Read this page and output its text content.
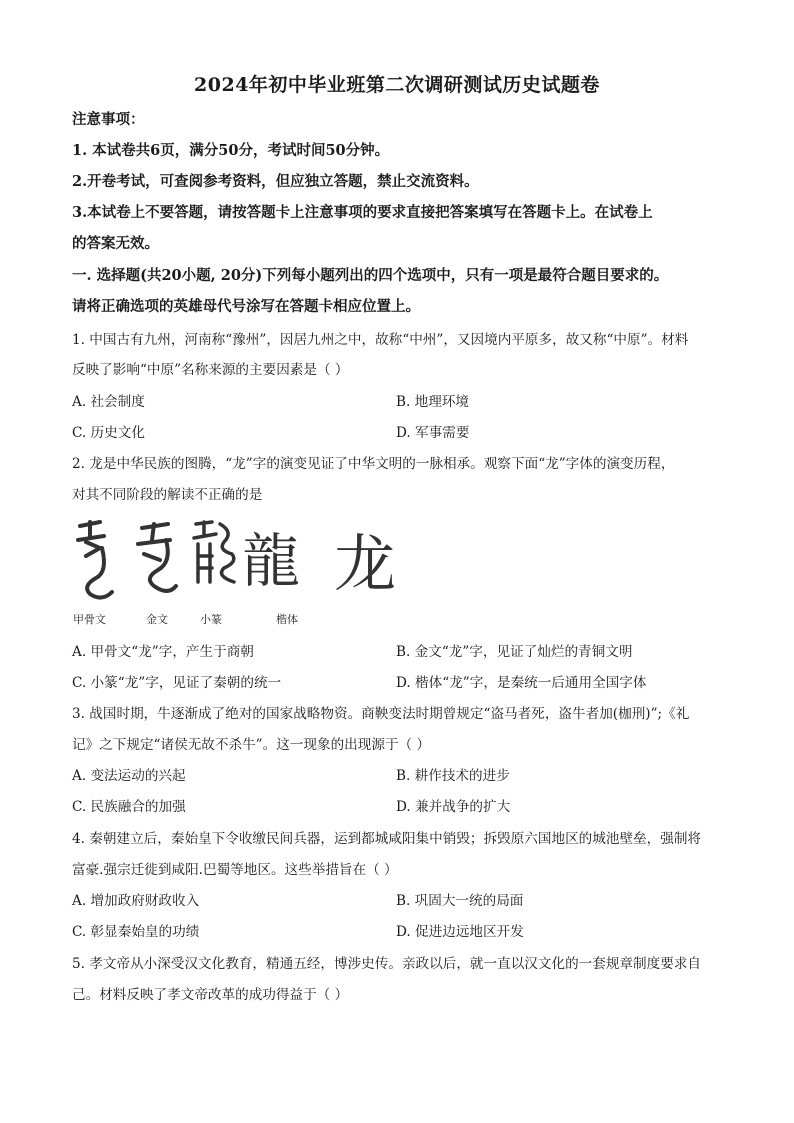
2024年初中毕业班第二次调研测试历史试题卷
注意事项：
1. 本试卷共6页，满分50分，考试时间50分钟。
2.开卷考试，可查阅参考资料，但应独立答题，禁止交流资料。
3.本试卷上不要答题，请按答题卡上注意事项的要求直接把答案填写在答题卡上。在试卷上
的答案无效。
一. 选择题(共20小题, 20分)下列每小题列出的四个选项中，只有一项是最符合题目要求的。
请将正确选项的英雄母代号涂写在答题卡相应位置上。
1. 中国古有九州，河南称“豫州”，因居九州之中，故称“中州”，又因境内平原多，故又称“中原”。材料
反映了影响“中原”名称来源的主要因素是（ ）
A. 社会制度	B. 地理环境
C. 历史文化	D. 军事需要
2. 龙是中华民族的图腾，“龙”字的演变见证了中华文明的一脉相承。观察下面“龙”字体的演变历程，
对其不同阶段的解读不正确的是
龍 龙
甲骨文	金文	小篆	楷体
A. 甲骨文“龙”字，产生于商朝	B. 金文“龙”字，见证了灿烂的青铜文明
C. 小篆“龙”字，见证了秦朝的统一	D. 楷体“龙”字，是秦统一后通用全国字体
3. 战国时期，牛逐渐成了绝对的国家战略物资。商鞅变法时期曾规定“盗马者死，盗牛者加(枷刑)”;《礼
记》之下规定“诸侯无故不杀牛”。这一现象的出现源于（ ）
A. 变法运动的兴起	B. 耕作技术的进步
C. 民族融合的加强	D. 兼并战争的扩大
4. 秦朝建立后，秦始皇下令收缴民间兵器，运到都城咸阳集中销毁；拆毁原六国地区的城池壁垒，强制将
富豪.强宗迁徙到咸阳.巴蜀等地区。这些举措旨在（ ）
A. 增加政府财政收入	B. 巩固大一统的局面
C. 彰显秦始皇的功绩	D. 促进边远地区开发
5. 孝文帝从小深受汉文化教育，精通五经，博涉史传。亲政以后，就一直以汉文化的一套规章制度要求自
己。材料反映了孝文帝改革的成功得益于（ ）
